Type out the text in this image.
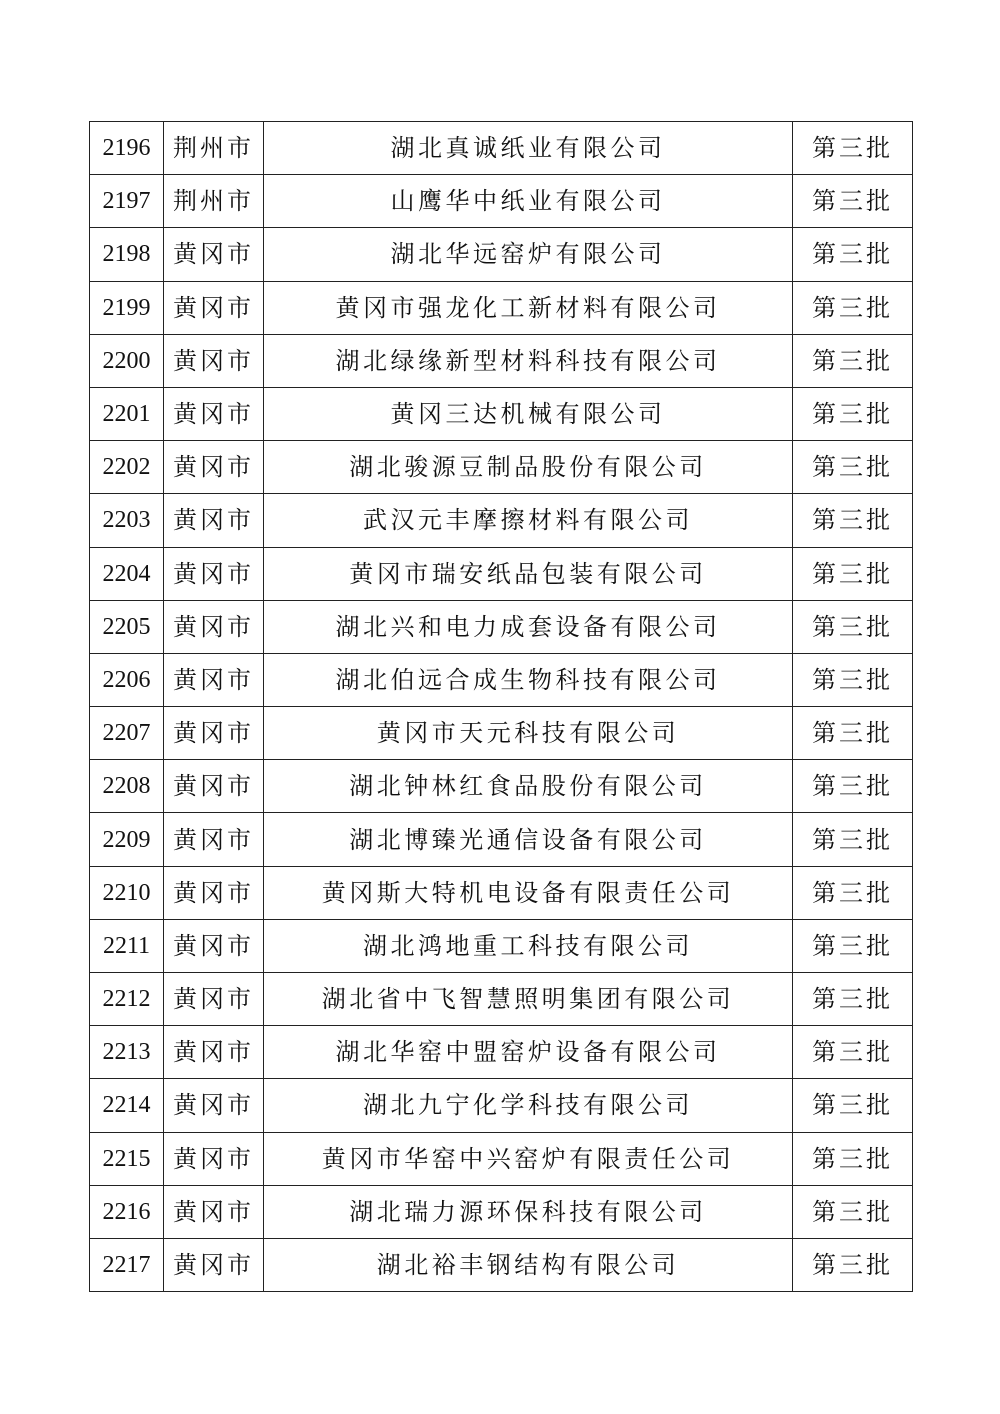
2196	荆州市	湖北真诚纸业有限公司	第三批
2197	荆州市	山鹰华中纸业有限公司	第三批
2198	黄冈市	湖北华远窑炉有限公司	第三批
2199	黄冈市	黄冈市强龙化工新材料有限公司	第三批
2200	黄冈市	湖北绿缘新型材料科技有限公司	第三批
2201	黄冈市	黄冈三达机械有限公司	第三批
2202	黄冈市	湖北骏源豆制品股份有限公司	第三批
2203	黄冈市	武汉元丰摩擦材料有限公司	第三批
2204	黄冈市	黄冈市瑞安纸品包装有限公司	第三批
2205	黄冈市	湖北兴和电力成套设备有限公司	第三批
2206	黄冈市	湖北伯远合成生物科技有限公司	第三批
2207	黄冈市	黄冈市天元科技有限公司	第三批
2208	黄冈市	湖北钟林红食品股份有限公司	第三批
2209	黄冈市	湖北博臻光通信设备有限公司	第三批
2210	黄冈市	黄冈斯大特机电设备有限责任公司	第三批
2211	黄冈市	湖北鸿地重工科技有限公司	第三批
2212	黄冈市	湖北省中飞智慧照明集团有限公司	第三批
2213	黄冈市	湖北华窑中盟窑炉设备有限公司	第三批
2214	黄冈市	湖北九宁化学科技有限公司	第三批
2215	黄冈市	黄冈市华窑中兴窑炉有限责任公司	第三批
2216	黄冈市	湖北瑞力源环保科技有限公司	第三批
2217	黄冈市	湖北裕丰钢结构有限公司	第三批
